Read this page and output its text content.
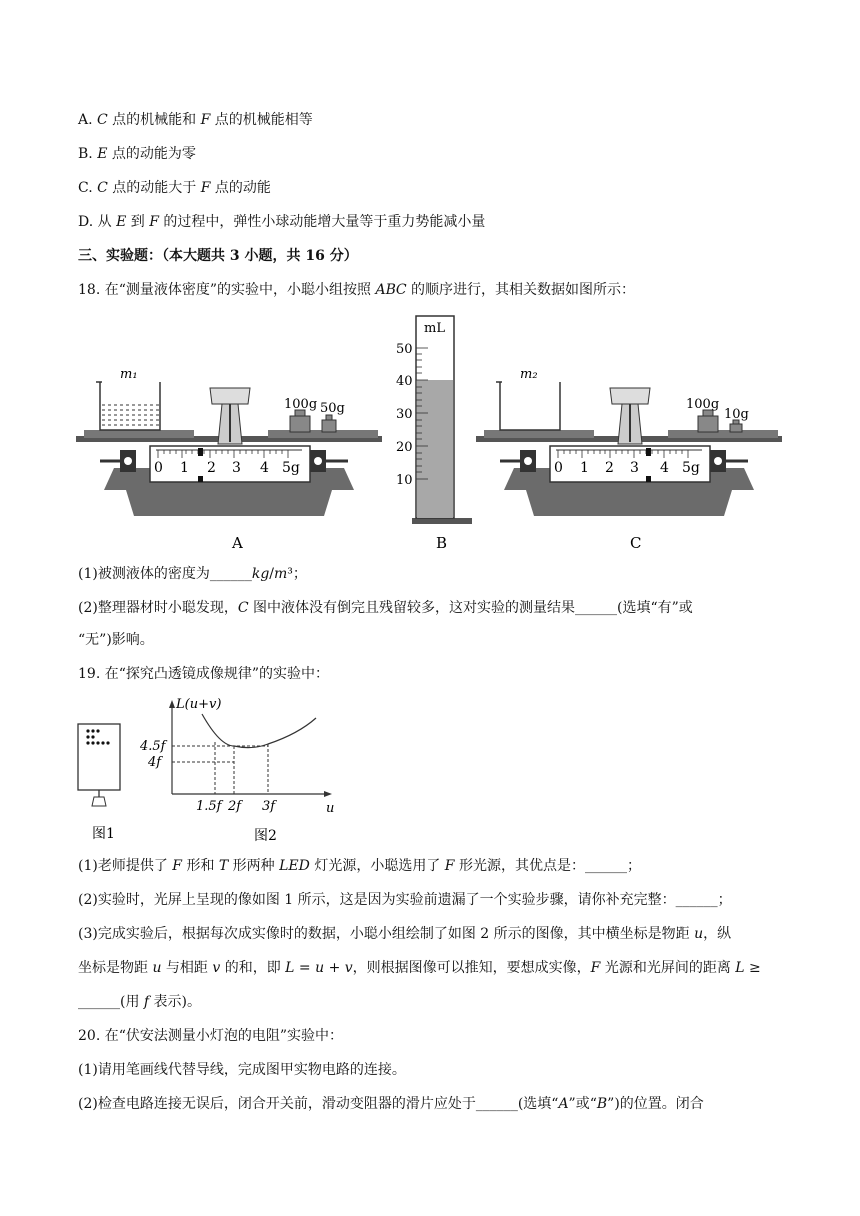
A. 𝐶 点的机械能和 𝐹 点的机械能相等
B. 𝐸 点的动能为零
C. 𝐶 点的动能大于 𝐹 点的动能
D. 从 𝐸 到 𝐹 的过程中，弹性小球动能增大量等于重力势能减小量
三、实验题：（本大题共 3 小题，共 16 分）
18. 在“测量液体密度”的实验中，小聪小组按照 𝐴𝐵𝐶 的顺序进行，其相关数据如图所示：
0 1 2 3 4 5g
m₁
100g 50g
A
mL
50
40
30
20
10
B
0 1 2 3 4 5g
m₂
100g
10g
C
(1)被测液体的密度为______𝑘𝑔/𝑚³；
(2)整理器材时小聪发现，𝐶 图中液体没有倒完且残留较多，这对实验的测量结果______(选填“有”或
“无”)影响。
19. 在“探究凸透镜成像规律”的实验中：
图1
L(u+v)
u
4.5f
4f
1.5f 2f 3f
图2
(1)老师提供了 𝐹 形和 𝑇 形两种 𝐿𝐸𝐷 灯光源，小聪选用了 𝐹 形光源，其优点是：______；
(2)实验时，光屏上呈现的像如图 1 所示，这是因为实验前遗漏了一个实验步骤，请你补充完整：______；
(3)完成实验后，根据每次成实像时的数据，小聪小组绘制了如图 2 所示的图像，其中横坐标是物距 𝑢，纵
坐标是物距 𝑢 与相距 𝑣 的和，即 𝐿 = 𝑢 + 𝑣，则根据图像可以推知，要想成实像，𝐹 光源和光屏间的距离 𝐿 ≥
______(用 𝑓 表示)。
20. 在“伏安法测量小灯泡的电阻”实验中：
(1)请用笔画线代替导线，完成图甲实物电路的连接。
(2)检查电路连接无误后，闭合开关前，滑动变阻器的滑片应处于______(选填“𝐴”或“𝐵”)的位置。闭合
